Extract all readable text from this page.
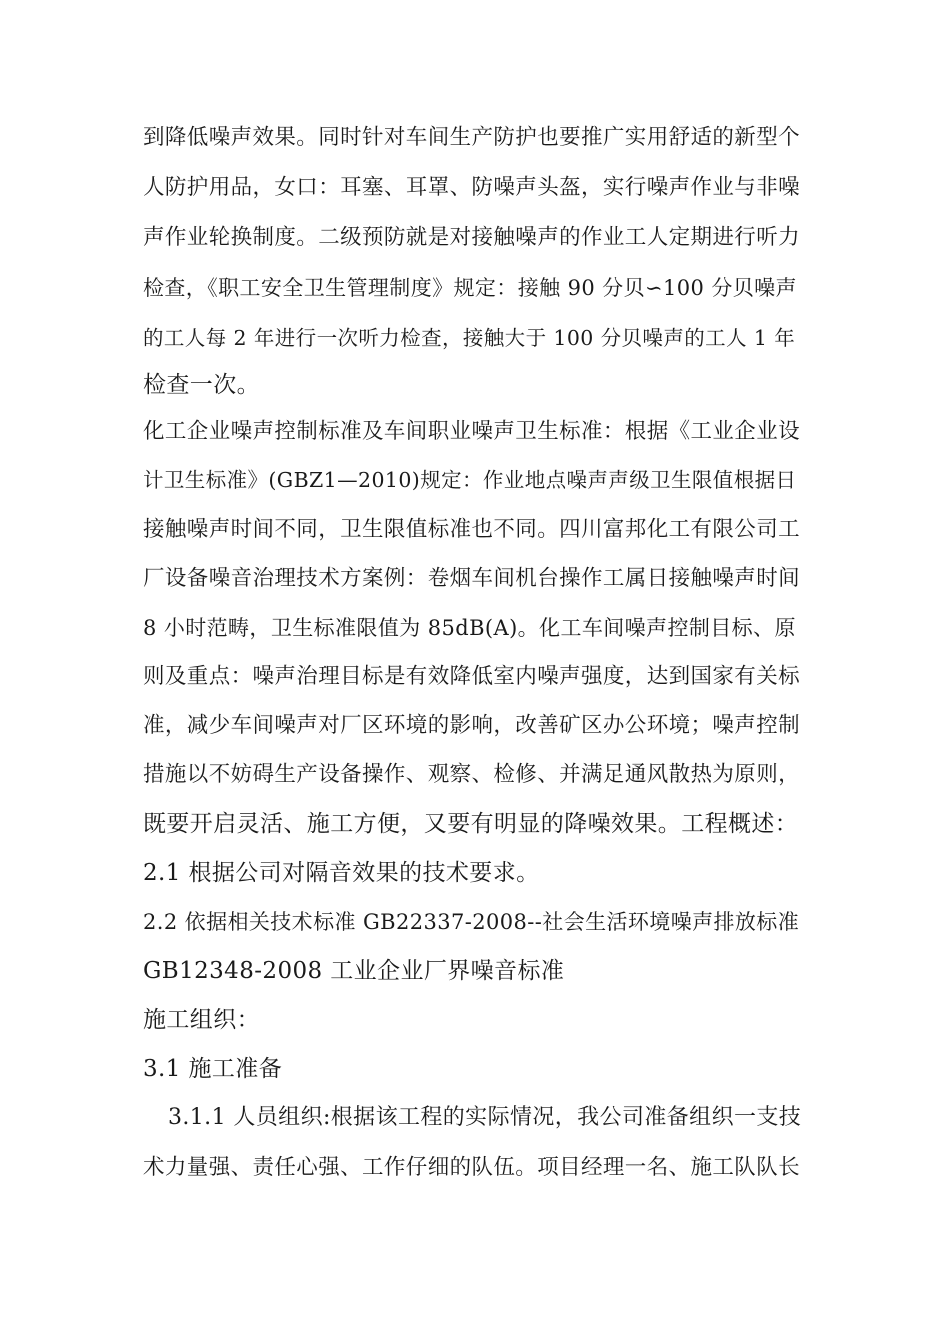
到降低噪声效果。同时针对车间生产防护也要推广实用舒适的新型个
人防护用品，女口：耳塞、耳罩、防噪声头盔，实行噪声作业与非噪
声作业轮换制度。二级预防就是对接触噪声的作业工人定期进行听力
检查，《职工安全卫生管理制度》规定：接触 90 分贝∽100 分贝噪声
的工人每 2 年进行一次听力检查，接触大于 100 分贝噪声的工人 1 年
检查一次。
化工企业噪声控制标准及车间职业噪声卫生标准：根据《工业企业设
计卫生标准》(GBZ1—2010)规定：作业地点噪声声级卫生限值根据日
接触噪声时间不同，卫生限值标准也不同。四川富邦化工有限公司工
厂设备噪音治理技术方案例：卷烟车间机台操作工属日接触噪声时间
8 小时范畴，卫生标准限值为 85dB(A)。化工车间噪声控制目标、原
则及重点：噪声治理目标是有效降低室内噪声强度，达到国家有关标
准，减少车间噪声对厂区环境的影响，改善矿区办公环境；噪声控制
措施以不妨碍生产设备操作、观察、检修、并满足通风散热为原则，
既要开启灵活、施工方便，又要有明显的降噪效果。工程概述：
2.1 根据公司对隔音效果的技术要求。
2.2 依据相关技术标准 GB22337-2008--社会生活环境噪声排放标准
GB12348-2008 工业企业厂界噪音标准
施工组织：
3.1 施工准备
3.1.1 人员组织:根据该工程的实际情况，我公司准备组织一支技
术力量强、责任心强、工作仔细的队伍。项目经理一名、施工队队长
